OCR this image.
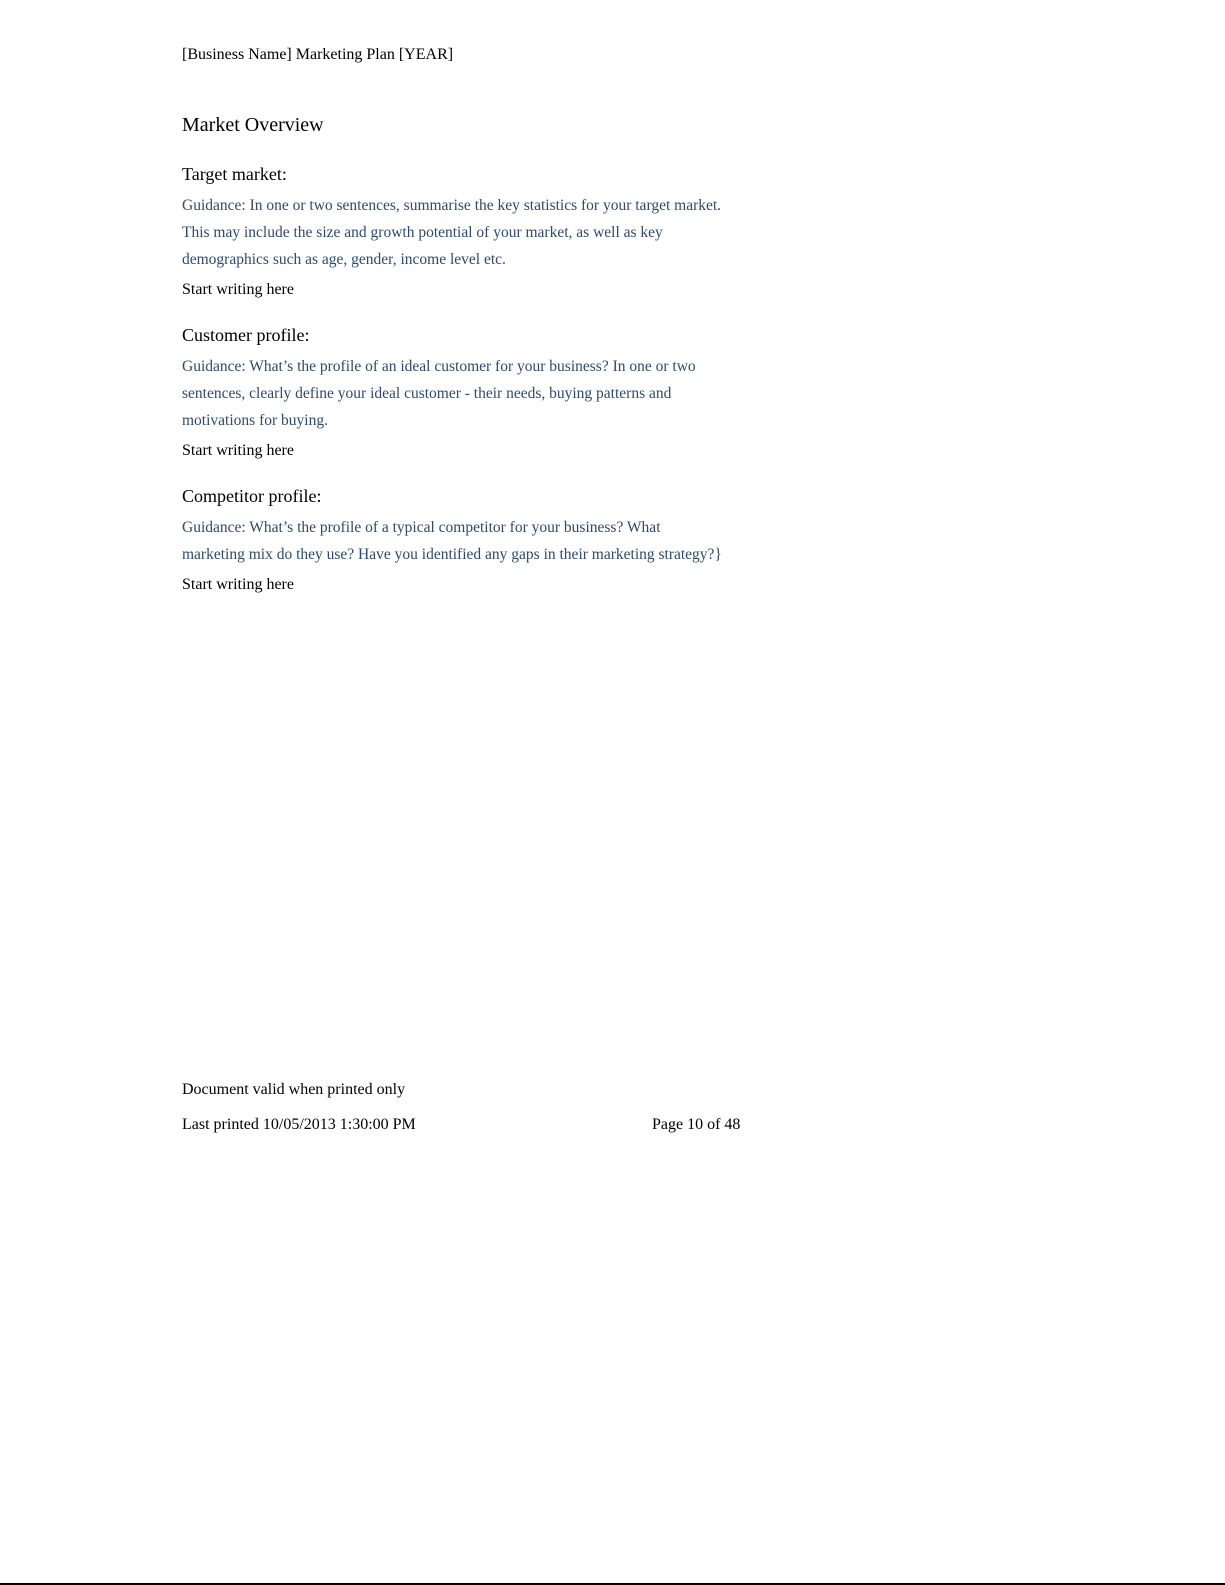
[Business Name] Marketing Plan [YEAR]
Market Overview
Target market:

Guidance: In one or two sentences, summarise the key statistics for your target market. This may include the size and growth potential of your market, as well as key demographics such as age, gender, income level etc.

Start writing here

Customer profile:

Guidance: What’s the profile of an ideal customer for your business? In one or two sentences, clearly define your ideal customer - their needs, buying patterns and motivations for buying.

Start writing here

Competitor profile:

Guidance: What’s the profile of a typical competitor for your business? What marketing mix do they use? Have you identified any gaps in their marketing strategy?}

Start writing here

Document valid when printed only
Last printed 10/05/2013 1:30:00 PM	Page 10 of 48
